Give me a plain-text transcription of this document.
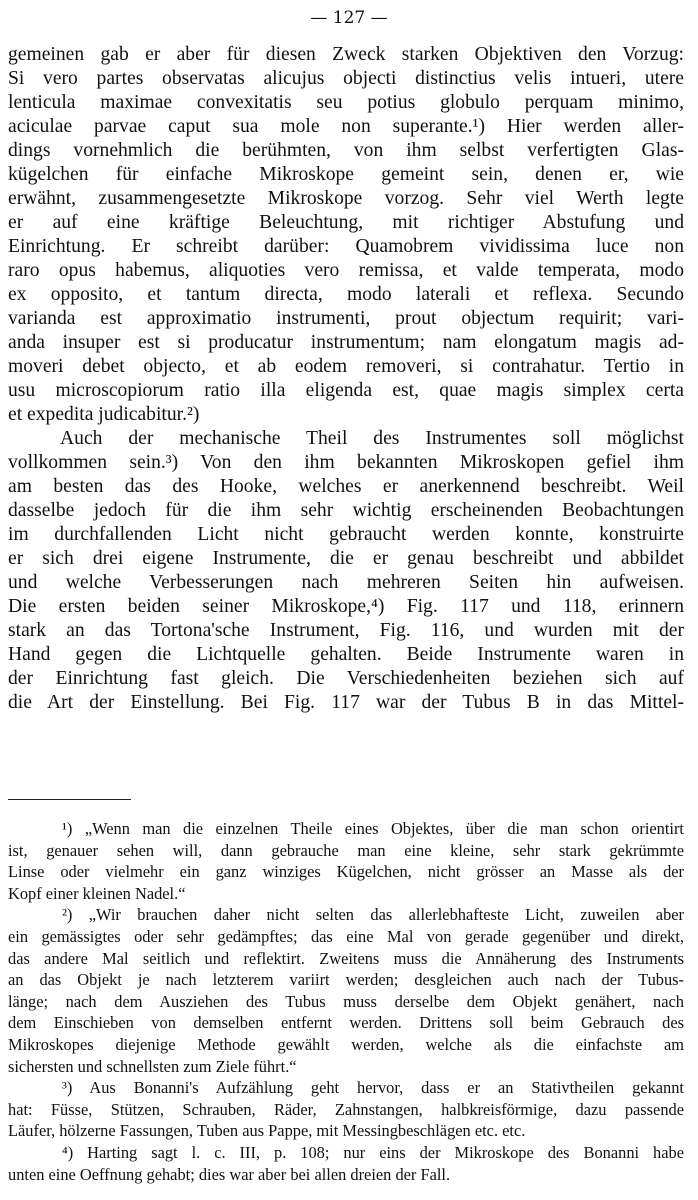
— 127 —
gemeinen gab er aber für diesen Zweck starken Objektiven den Vorzug:
Si vero partes observatas alicujus objecti distinctius velis intueri, utere
lenticula maximae convexitatis seu potius globulo perquam minimo,
aciculae parvae caput sua mole non superante.¹) Hier werden aller-
dings vornehmlich die berühmten, von ihm selbst verfertigten Glas-
kügelchen für einfache Mikroskope gemeint sein, denen er, wie
erwähnt, zusammengesetzte Mikroskope vorzog. Sehr viel Werth legte
er auf eine kräftige Beleuchtung, mit richtiger Abstufung und
Einrichtung. Er schreibt darüber: Quamobrem vividissima luce non
raro opus habemus, aliquoties vero remissa, et valde temperata, modo
ex opposito, et tantum directa, modo laterali et reflexa. Secundo
varianda est approximatio instrumenti, prout objectum requirit; vari-
anda insuper est si producatur instrumentum; nam elongatum magis ad-
moveri debet objecto, et ab eodem removeri, si contrahatur. Tertio in
usu microscopiorum ratio illa eligenda est, quae magis simplex certa
et expedita judicabitur.²)
Auch der mechanische Theil des Instrumentes soll möglichst
vollkommen sein.³) Von den ihm bekannten Mikroskopen gefiel ihm
am besten das des Hooke, welches er anerkennend beschreibt. Weil
dasselbe jedoch für die ihm sehr wichtig erscheinenden Beobachtungen
im durchfallenden Licht nicht gebraucht werden konnte, konstruirte
er sich drei eigene Instrumente, die er genau beschreibt und abbildet
und welche Verbesserungen nach mehreren Seiten hin aufweisen.
Die ersten beiden seiner Mikroskope,⁴) Fig. 117 und 118, erinnern
stark an das Tortona'sche Instrument, Fig. 116, und wurden mit der
Hand gegen die Lichtquelle gehalten. Beide Instrumente waren in
der Einrichtung fast gleich. Die Verschiedenheiten beziehen sich auf
die Art der Einstellung. Bei Fig. 117 war der Tubus B in das Mittel-
¹) „Wenn man die einzelnen Theile eines Objektes, über die man schon orientirt
ist, genauer sehen will, dann gebrauche man eine kleine, sehr stark gekrümmte
Linse oder vielmehr ein ganz winziges Kügelchen, nicht grösser an Masse als der
Kopf einer kleinen Nadel.“
²) „Wir brauchen daher nicht selten das allerlebhafteste Licht, zuweilen aber
ein gemässigtes oder sehr gedämpftes; das eine Mal von gerade gegenüber und direkt,
das andere Mal seitlich und reflektirt. Zweitens muss die Annäherung des Instruments
an das Objekt je nach letzterem variirt werden; desgleichen auch nach der Tubus-
länge; nach dem Ausziehen des Tubus muss derselbe dem Objekt genähert, nach
dem Einschieben von demselben entfernt werden. Drittens soll beim Gebrauch des
Mikroskopes diejenige Methode gewählt werden, welche als die einfachste am
sichersten und schnellsten zum Ziele führt.“
³) Aus Bonanni's Aufzählung geht hervor, dass er an Stativtheilen gekannt
hat: Füsse, Stützen, Schrauben, Räder, Zahnstangen, halbkreisförmige, dazu passende
Läufer, hölzerne Fassungen, Tuben aus Pappe, mit Messingbeschlägen etc. etc.
⁴) Harting sagt l. c. III, p. 108; nur eins der Mikroskope des Bonanni habe
unten eine Oeffnung gehabt; dies war aber bei allen dreien der Fall.
